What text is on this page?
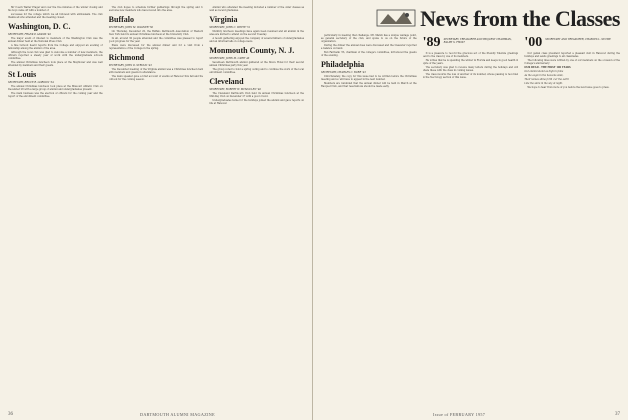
Mr Coach Walter Prager and over the five minutes of the winter closing and his boys came off with a number of

successes for the college which we all followed with enthusiasm. The club thanks all who attended and the meeting closed.

Washington, D. C.
SECRETARY, FRANK P. ADAMS '40

The major event of interest to members of the Washington Club was the annual dinner held at the National Press Club.

A fine turnout heard reports from the College and enjoyed an evening of fellowship among the alumni of the area.

Although the local club was glad to welcome a number of new members, the officers reported a steady year of work with the undergraduate schools committee.

The annual Christmas luncheon took place at the Mayflower and was well attended by members and their guests.

St Louis
SECRETARY, BRUCE R. GORDON '34

The annual Christmas luncheon took place at the Missouri Athletic Club on December 28 with a large group of alumni and undergraduates present.

The main business was the election of officers for the coming year and the report of the enrollment committee.

The club hopes to schedule further gatherings through the spring and to welcome new members who have moved into the area.

Buffalo
SECRETARY, JOHN M. WAGNER '50

On Thursday, December 20, the Buffalo Dartmouth Association of Western New York held its annual Christmas luncheon at the University Club.

In all, around 30 people attended and the committee was pleased to report good progress for the year.

Plans were discussed for the annual dinner and for a visit from a representative of the College in the spring.

Richmond
SECRETARY, JOHN D. STROUD '43

The December meeting of the Virginia alumni was a Christmas luncheon held with members and guests in attendance.

The main speaker gave a brief account of events at Hanover this fall and the outlook for the coming season.

Alumni who attended the meeting included a number of the older classes as well as recent graduates.

Virginia
SECRETARY, JOHN C. WHITE '51

Monthly luncheon meetings have again been resumed and all alumni in the area are invited to attend on the second Tuesday.

A recent gathering enjoyed the company of several fathers of undergraduates and an informal talk on college news.

Monmouth County, N. J.
SECRETARY, JOHN M. CARR '46

Seventeen Dartmouth alumni gathered at the Shore Hotel for their second annual Christmas party this year.

The group voted to hold a spring outing and to continue the work of the local enrollment committee.

Cleveland
SECRETARY, ROBERT W. MCMULLEN '40

The Cleveland Dartmouth Club held its annual Christmas luncheon at the Mid-Day Club on December 27 with a good crowd.

Undergraduates home for the holidays joined the alumni and gave reports on life at Hanover.

36	DARTMOUTH ALUMNI MAGAZINE
News from the Classes

particularly in meeting that challenge. Mr. Marsh has a unique vantage point, as general secretary of the club, and spoke to us on the future of the organization.

During the dinner the annual dues were discussed and the treasurer reported a balance on hand.

Bob Fairbank '33, chairman of the college's committee, introduced the guests of the evening.

Philadelphia
SECRETARY, CHARLES C. BURR '43

Unfortunately, the copy for this issue had to be written before the Christmas meeting and so will have to appear in the next number.

Members are reminded that the annual dinner will be held in March at the Racquet Club, and that reservations should be made early.

'89 SECRETARY, TREASURER AND BEQUEST CHAIRMAN, RALPH S. FROST

It is a pleasure to record the gracious act of the friendly Yuletide greetings sent to the class by one of its members.

He writes that he is spending the winter in Florida and keeps in good health in spite of the years.

The secretary was glad to receive many letters during the holidays and will share these with the class in coming issues.

The class mourns the loss of another of its number, whose passing is recorded in the Necrology section of this issue.

'00 SECRETARY AND TREASURER, CHARLES L. STOWE

Our genial class president reported a pleasant visit in Hanover during the holidays and sends greetings to all classmates.

The following lines were written by one of our members on the occasion of the College's anniversary:

OUR DEAD - THE FIRST 100 YEARS

Our alumni stand as high in fame

As the eagle in the heavens wide,

Their names shine forth o'er the earth

Like the stars in the sky at night.

We hope to hear from more of you before the next issue goes to press.

Issue of FEBRUARY 1957	37
